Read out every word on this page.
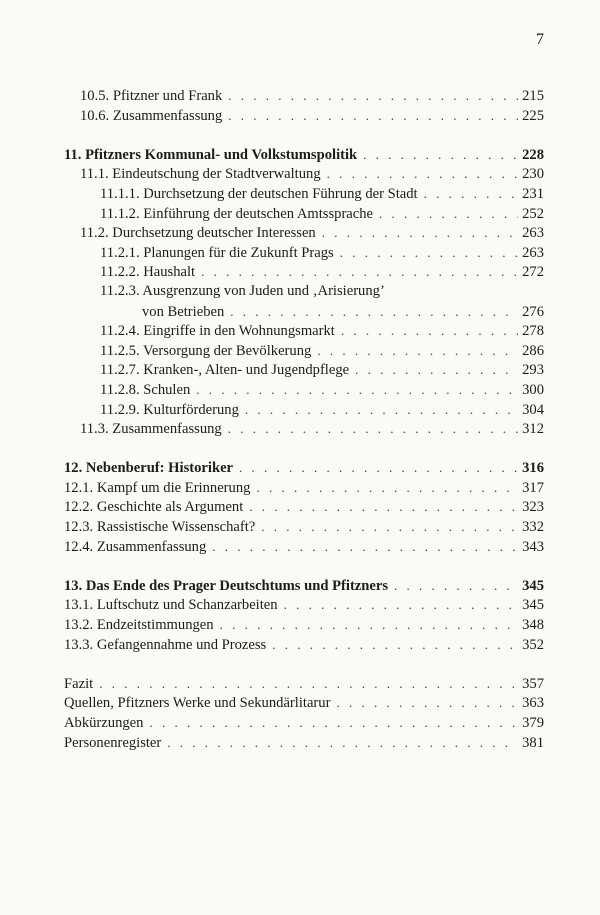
7
10.5. Pfitzner und Frank . . .	215
10.6. Zusammenfassung . . .	225
11. Pfitzners Kommunal- und Volkstumspolitik . . .	228
11.1. Eindeutschung der Stadtverwaltung . . .	230
11.1.1. Durchsetzung der deutschen Führung der Stadt . . .	231
11.1.2. Einführung der deutschen Amtssprache . . .	252
11.2. Durchsetzung deutscher Interessen . . .	263
11.2.1. Planungen für die Zukunft Prags . . .	263
11.2.2. Haushalt . . .	272
11.2.3. Ausgrenzung von Juden und ‚Arisierung’
von Betrieben . . .	276
11.2.4. Eingriffe in den Wohnungsmarkt . . .	278
11.2.5. Versorgung der Bevölkerung . . .	286
11.2.7. Kranken-, Alten- und Jugendpflege . . .	293
11.2.8. Schulen . . .	300
11.2.9. Kulturförderung . . .	304
11.3. Zusammenfassung . . .	312
12. Nebenberuf: Historiker . . .	316
12.1. Kampf um die Erinnerung . . .	317
12.2. Geschichte als Argument . . .	323
12.3. Rassistische Wissenschaft? . . .	332
12.4. Zusammenfassung . . .	343
13. Das Ende des Prager Deutschtums und Pfitzners . . .	345
13.1. Luftschutz und Schanzarbeiten . . .	345
13.2. Endzeitstimmungen . . .	348
13.3. Gefangennahme und Prozess . . .	352
Fazit . . .	357
Quellen, Pfitzners Werke und Sekundärlitarur . . .	363
Abkürzungen . . .	379
Personenregister . . .	381
